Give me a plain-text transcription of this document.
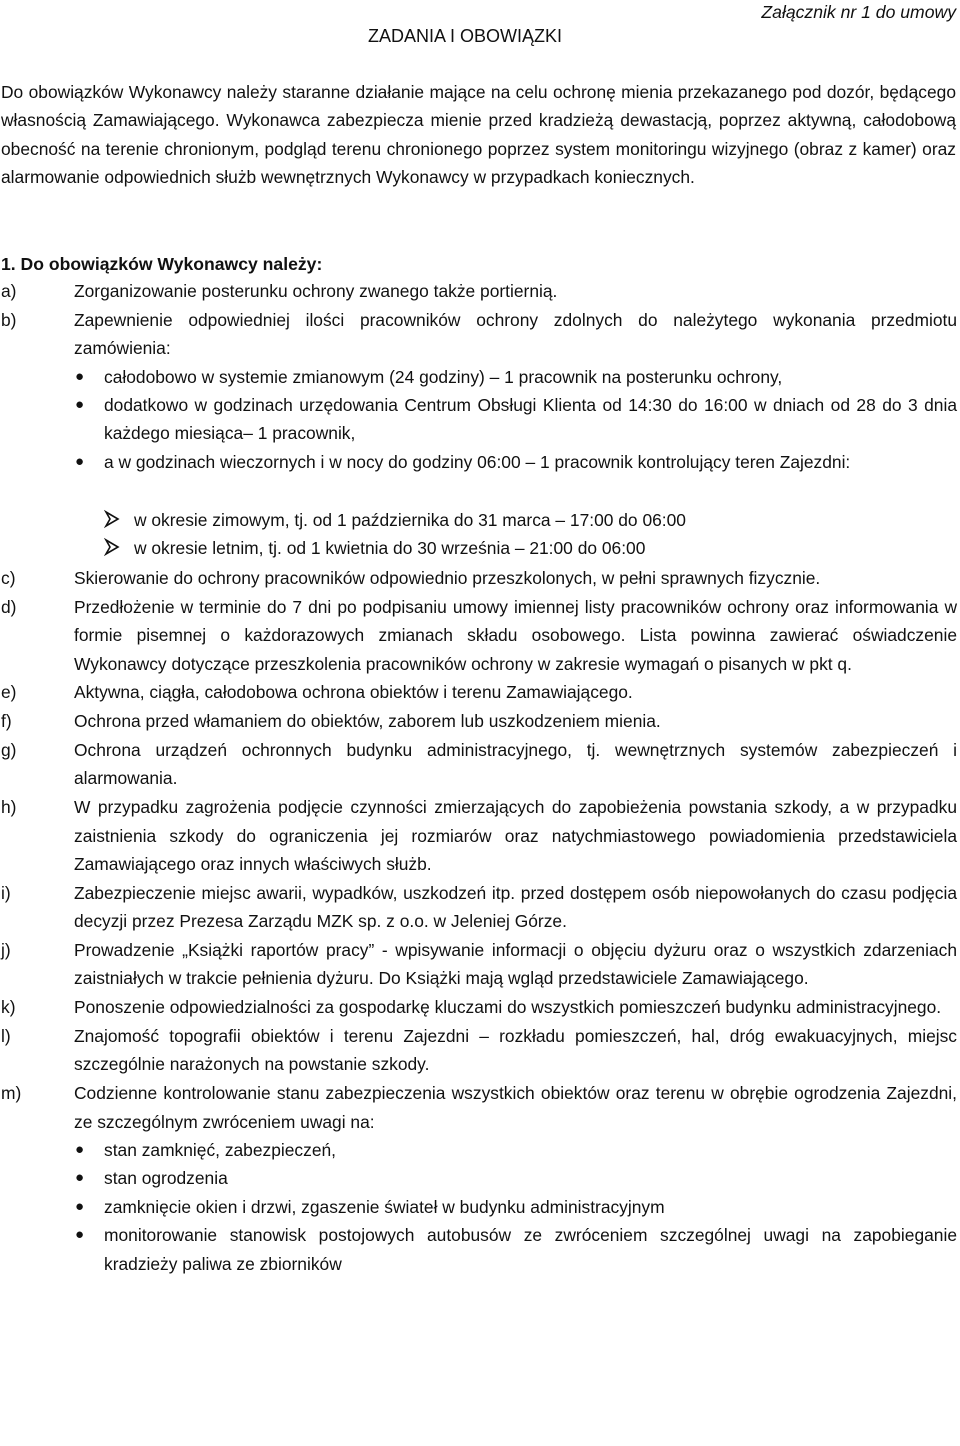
Załącznik nr 1 do umowy
ZADANIA I OBOWIĄZKI
Do obowiązków Wykonawcy należy staranne działanie mające na celu ochronę mienia przekazanego pod dozór, będącego własnością Zamawiającego. Wykonawca zabezpiecza mienie przed kradzieżą dewastacją, poprzez aktywną, całodobową obecność na terenie chronionym, podgląd terenu chronionego poprzez system monitoringu wizyjnego (obraz z kamer) oraz alarmowanie odpowiednich służb wewnętrznych Wykonawcy w przypadkach koniecznych.
1. Do obowiązków Wykonawcy należy:
a)	Zorganizowanie posterunku ochrony zwanego także portiernią.
b)	Zapewnienie odpowiedniej ilości pracowników ochrony zdolnych do należytego wykonania przedmiotu zamówienia:
● całodobowo w systemie zmianowym (24 godziny) – 1 pracownik na posterunku ochrony,
● dodatkowo w godzinach urzędowania Centrum Obsługi Klienta od 14:30 do 16:00 w dniach od 28 do 3 dnia każdego miesiąca– 1 pracownik,
● a w godzinach wieczornych i w nocy do godziny 06:00 – 1 pracownik kontrolujący teren Zajezdni:
w okresie zimowym, tj. od 1 października do 31 marca – 17:00 do 06:00
w okresie letnim, tj. od 1 kwietnia do 30 września – 21:00 do 06:00
c)	Skierowanie do ochrony pracowników odpowiednio przeszkolonych, w pełni sprawnych fizycznie.
d)	Przedłożenie w terminie do 7 dni po podpisaniu umowy imiennej listy pracowników ochrony oraz informowania w formie pisemnej o każdorazowych zmianach składu osobowego. Lista powinna zawierać oświadczenie Wykonawcy dotyczące przeszkolenia pracowników ochrony w zakresie wymagań o pisanych w pkt q.
e)	Aktywna, ciągła, całodobowa ochrona obiektów i terenu Zamawiającego.
f)	Ochrona przed włamaniem do obiektów, zaborem lub uszkodzeniem mienia.
g)	Ochrona urządzeń ochronnych budynku administracyjnego, tj. wewnętrznych systemów zabezpieczeń i alarmowania.
h)	W przypadku zagrożenia podjęcie czynności zmierzających do zapobieżenia powstania szkody, a w przypadku zaistnienia szkody do ograniczenia jej rozmiarów oraz natychmiastowego powiadomienia przedstawiciela Zamawiającego oraz innych właściwych służb.
i)	Zabezpieczenie miejsc awarii, wypadków, uszkodzeń itp. przed dostępem osób niepowołanych do czasu podjęcia decyzji przez Prezesa Zarządu MZK sp. z o.o. w Jeleniej Górze.
j)	Prowadzenie „Książki raportów pracy” - wpisywanie informacji o objęciu dyżuru oraz o wszystkich zdarzeniach zaistniałych w trakcie pełnienia dyżuru. Do Książki mają wgląd przedstawiciele Zamawiającego.
k)	Ponoszenie odpowiedzialności za gospodarkę kluczami do wszystkich pomieszczeń budynku administracyjnego.
l)	Znajomość topografii obiektów i terenu Zajezdni – rozkładu pomieszczeń, hal, dróg ewakuacyjnych, miejsc szczególnie narażonych na powstanie szkody.
m)	Codzienne kontrolowanie stanu zabezpieczenia wszystkich obiektów oraz terenu w obrębie ogrodzenia Zajezdni, ze szczególnym zwróceniem uwagi na:
● stan zamknięć, zabezpieczeń,
● stan ogrodzenia
● zamknięcie okien i drzwi, zgaszenie świateł w budynku administracyjnym
● monitorowanie stanowisk postojowych autobusów ze zwróceniem szczególnej uwagi na zapobieganie kradzieży paliwa ze zbiorników
